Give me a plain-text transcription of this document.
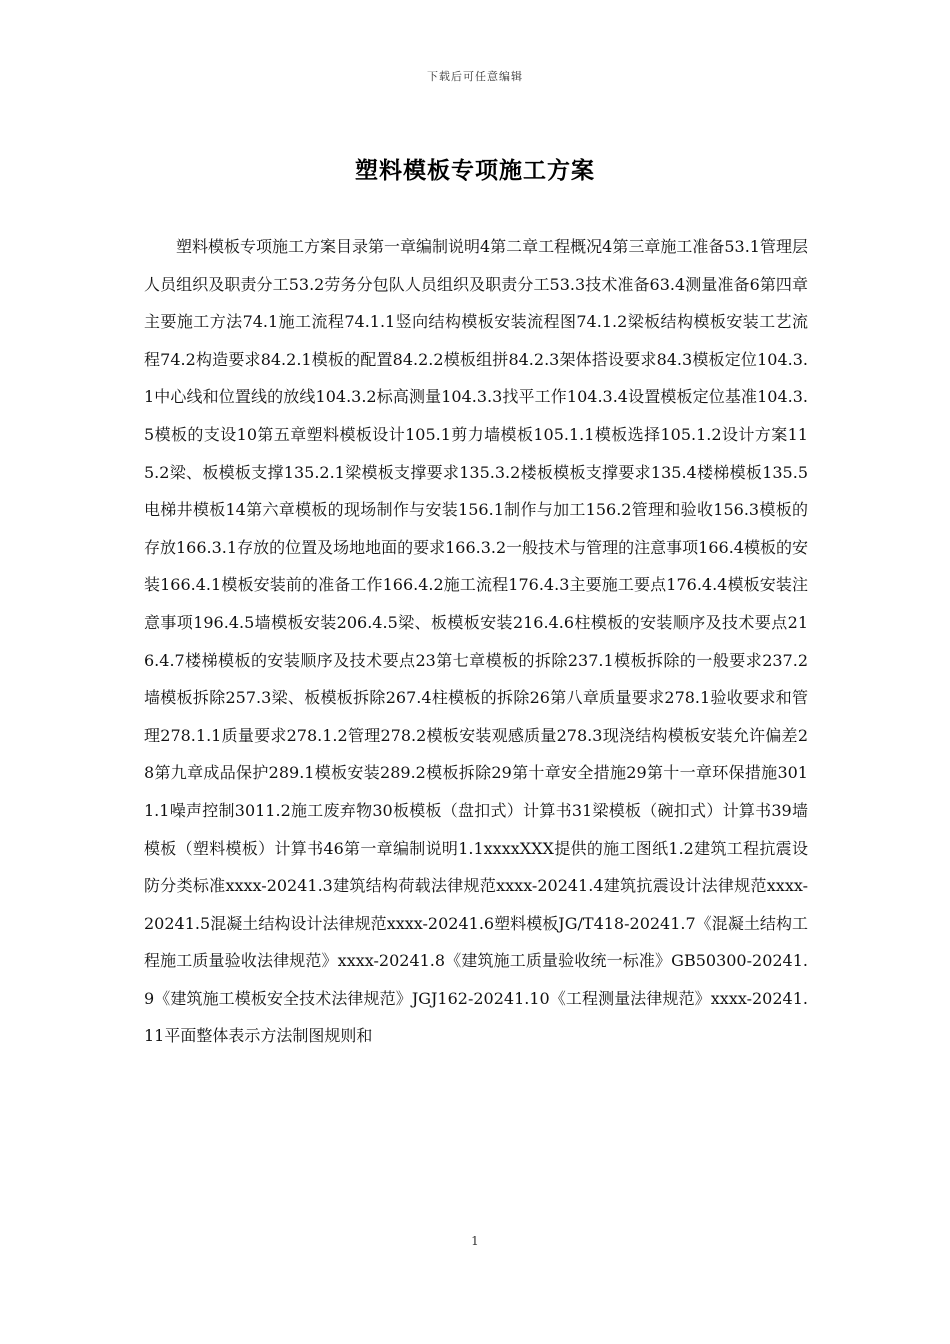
下载后可任意编辑
塑料模板专项施工方案

塑料模板专项施工方案目录第一章编制说明4第二章工程概况4第三章施工准备53.1管理层人员组织及职责分工53.2劳务分包队人员组织及职责分工53.3技术准备63.4测量准备6第四章主要施工方法74.1施工流程74.1.1竖向结构模板安装流程图74.1.2梁板结构模板安装工艺流程74.2构造要求84.2.1模板的配置84.2.2模板组拼84.2.3架体搭设要求84.3模板定位104.3.1中心线和位置线的放线104.3.2标高测量104.3.3找平工作104.3.4设置模板定位基准104.3.5模板的支设10第五章塑料模板设计105.1剪力墙模板105.1.1模板选择105.1.2设计方案115.2梁、板模板支撑135.2.1梁模板支撑要求135.3.2楼板模板支撑要求135.4楼梯模板135.5电梯井模板14第六章模板的现场制作与安装156.1制作与加工156.2管理和验收156.3模板的存放166.3.1存放的位置及场地地面的要求166.3.2一般技术与管理的注意事项166.4模板的安装166.4.1模板安装前的准备工作166.4.2施工流程176.4.3主要施工要点176.4.4模板安装注意事项196.4.5墙模板安装206.4.5梁、板模板安装216.4.6柱模板的安装顺序及技术要点216.4.7楼梯模板的安装顺序及技术要点23第七章模板的拆除237.1模板拆除的一般要求237.2墙模板拆除257.3梁、板模板拆除267.4柱模板的拆除26第八章质量要求278.1验收要求和管理278.1.1质量要求278.1.2管理278.2模板安装观感质量278.3现浇结构模板安装允许偏差28第九章成品保护289.1模板安装289.2模板拆除29第十章安全措施29第十一章环保措施3011.1噪声控制3011.2施工废弃物30板模板（盘扣式）计算书31梁模板（碗扣式）计算书39墙模板（塑料模板）计算书46第一章编制说明1.1xxxxXXX提供的施工图纸1.2建筑工程抗震设防分类标准xxxx-20241.3建筑结构荷载法律规范xxxx-20241.4建筑抗震设计法律规范xxxx-20241.5混凝土结构设计法律规范xxxx-20241.6塑料模板JG/T418-20241.7《混凝土结构工程施工质量验收法律规范》xxxx-20241.8《建筑施工质量验收统一标准》GB50300-20241.9《建筑施工模板安全技术法律规范》JGJ162-20241.10《工程测量法律规范》xxxx-20241.11平面整体表示方法制图规则和

1
